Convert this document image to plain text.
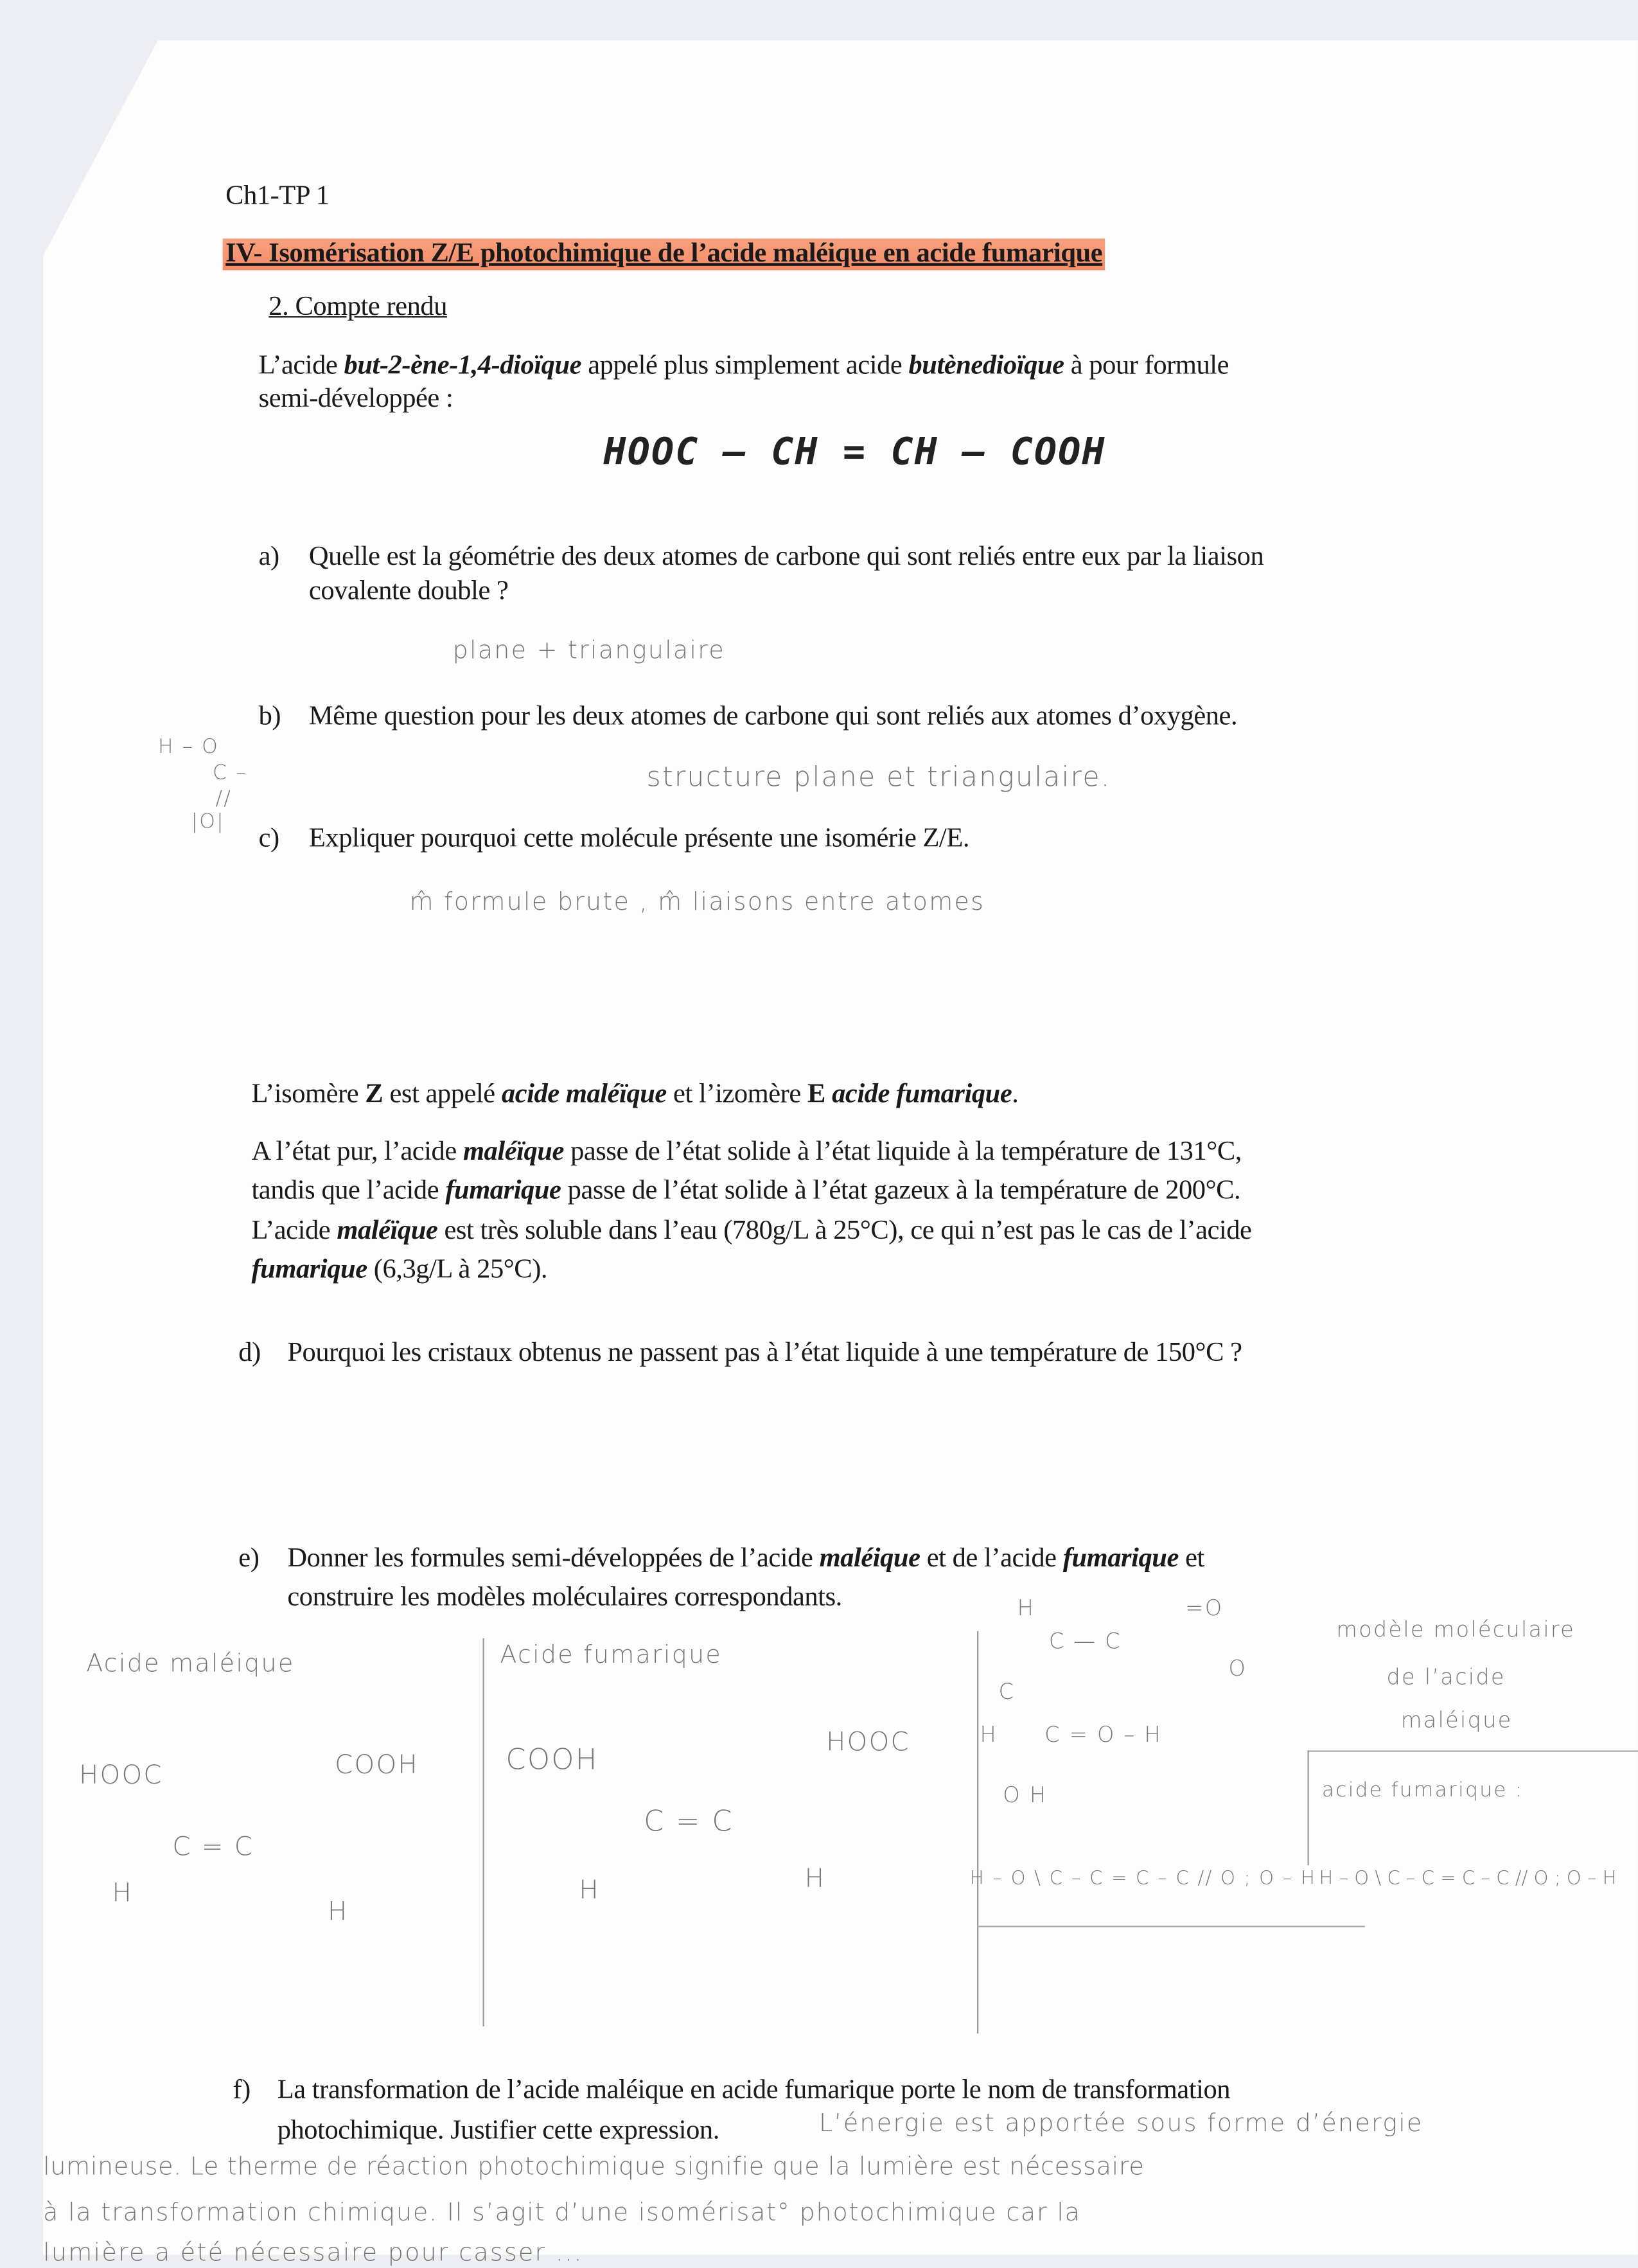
Ch1-TP 1
IV- Isomérisation Z/E photochimique de l’acide maléique en acide fumarique
2. Compte rendu
L’acide but-2-ène-1,4-dioïque appelé plus simplement acide butènedioïque à pour formule
semi-développée :
HOOC – CH = CH – COOH
a) Quelle est la géométrie des deux atomes de carbone qui sont reliés entre eux par la liaison
covalente double ?
plane + triangulaire
b) Même question pour les deux atomes de carbone qui sont reliés aux atomes d’oxygène.
H – O
C –
//
|O|
structure plane et triangulaire.
c) Expliquer pourquoi cette molécule présente une isomérie Z/E.
m̂ formule brute , m̂ liaisons entre atomes
L’isomère Z est appelé acide maléïque et l’izomère E acide fumarique.
A l’état pur, l’acide maléïque passe de l’état solide à l’état liquide à la température de 131°C,
tandis que l’acide fumarique passe de l’état solide à l’état gazeux à la température de 200°C.
L’acide maléïque est très soluble dans l’eau (780g/L à 25°C), ce qui n’est pas le cas de l’acide
fumarique (6,3g/L à 25°C).
d) Pourquoi les cristaux obtenus ne passent pas à l’état liquide à une température de 150°C ?
e) Donner les formules semi-développées de l’acide maléique et de l’acide fumarique et
construire les modèles moléculaires correspondants.
Acide maléique
HOOC	COOH
C = C
H
H
Acide fumarique
COOH	HOOC
C = C
H	H
H
C — C
=O
O
C
H	C = O – H
O H
modèle moléculaire
de l’acide
maléique
acide fumarique :
H – O \ C – C = C – C // O ; O – H H – O \ C – C = C – C // O ; O – H
f) La transformation de l’acide maléique en acide fumarique porte le nom de transformation
photochimique. Justifier cette expression.	L’énergie est apportée sous forme d’énergie
lumineuse. Le therme de réaction photochimique signifie que la lumière est nécessaire
à la transformation chimique. Il s’agit d’une isomérisat° photochimique car la
lumière a été nécessaire pour casser ...
